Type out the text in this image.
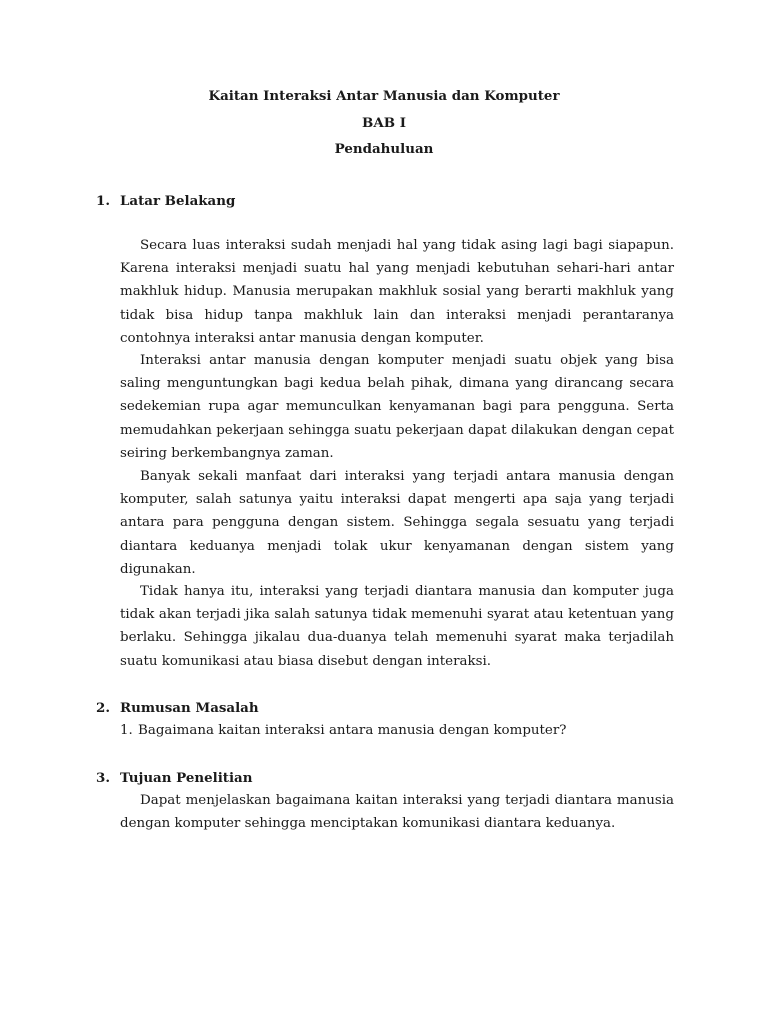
Kaitan Interaksi Antar Manusia dan Komputer

BAB I

Pendahuluan

1. Latar Belakang

Secara luas interaksi sudah menjadi hal yang tidak asing lagi bagi siapapun. Karena interaksi menjadi suatu hal yang menjadi kebutuhan sehari-hari antar makhluk hidup. Manusia merupakan makhluk sosial yang berarti makhluk yang tidak bisa hidup tanpa makhluk lain dan interaksi menjadi perantaranya contohnya interaksi antar manusia dengan komputer.

Interaksi antar manusia dengan komputer menjadi suatu objek yang bisa saling menguntungkan bagi kedua belah pihak, dimana yang dirancang secara sedekemian rupa agar memunculkan kenyamanan bagi para pengguna. Serta memudahkan pekerjaan sehingga suatu pekerjaan dapat dilakukan dengan cepat seiring berkembangnya zaman.

Banyak sekali manfaat dari interaksi yang terjadi antara manusia dengan komputer, salah satunya yaitu interaksi dapat mengerti apa saja yang terjadi antara para pengguna dengan sistem. Sehingga segala sesuatu yang terjadi diantara keduanya menjadi tolak ukur kenyamanan dengan sistem yang digunakan.

Tidak hanya itu, interaksi yang terjadi diantara manusia dan komputer juga tidak akan terjadi jika salah satunya tidak memenuhi syarat atau ketentuan yang berlaku. Sehingga jikalau dua-duanya telah memenuhi syarat maka terjadilah suatu komunikasi atau biasa disebut dengan interaksi.

2. Rumusan Masalah

1. Bagaimana kaitan interaksi antara manusia dengan komputer?

3. Tujuan Penelitian

Dapat menjelaskan bagaimana kaitan interaksi yang terjadi diantara manusia dengan komputer sehingga menciptakan komunikasi diantara keduanya.
